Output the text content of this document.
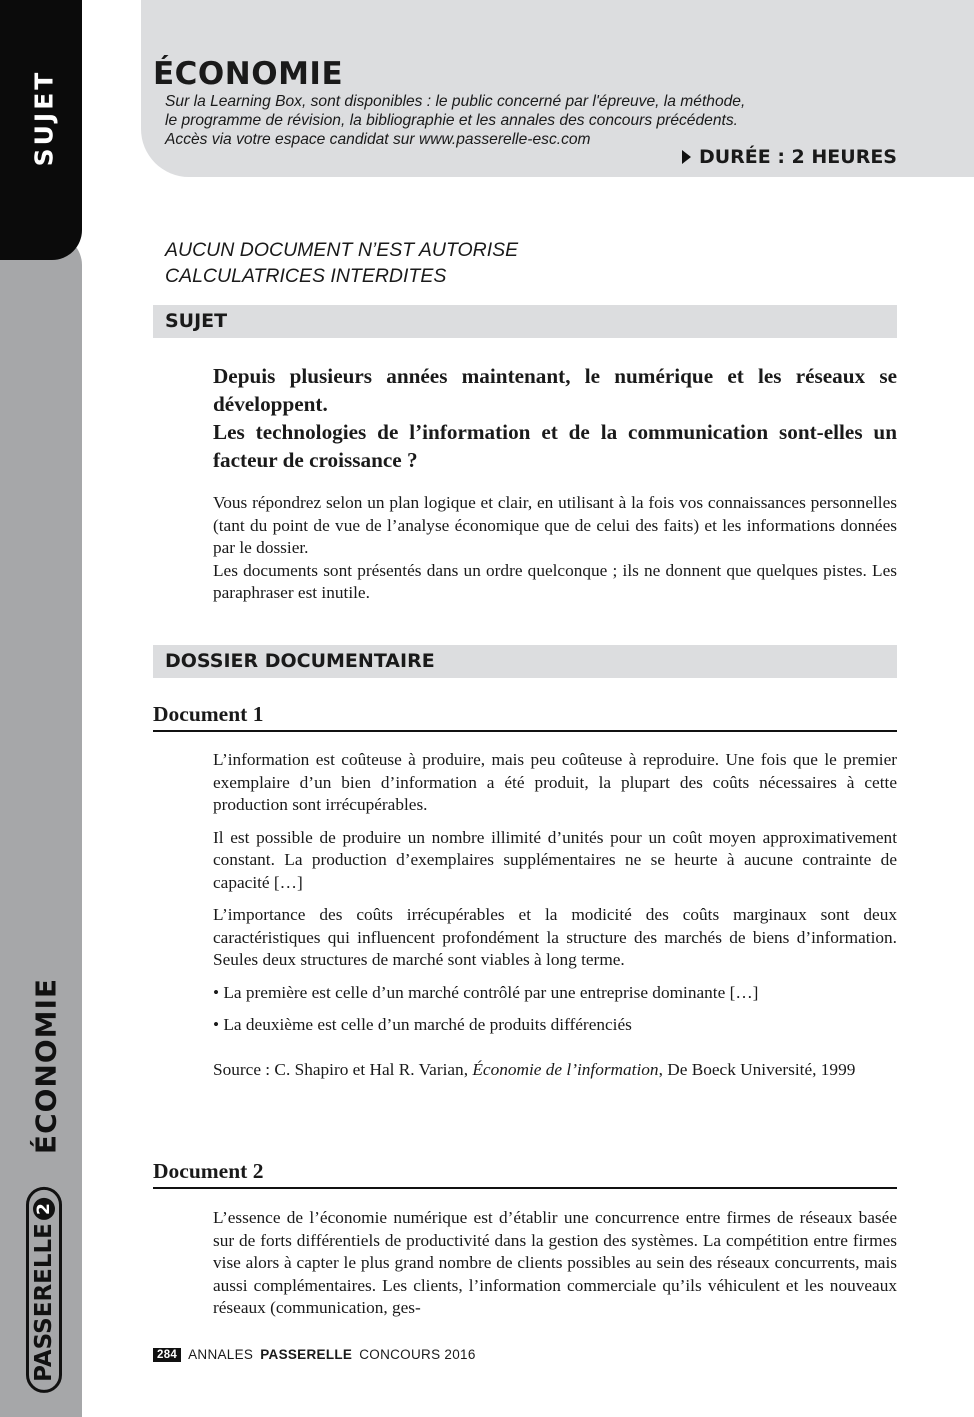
SUJET
ÉCONOMIE
PASSERELLE
2
ÉCONOMIE

Sur la Learning Box, sont disponibles : le public concerné par l'épreuve, la méthode,

le programme de révision, la bibliographie et les annales des concours précédents.

Accès via votre espace candidat sur www.passerelle-esc.com

DURÉE : 2 HEURES

AUCUN DOCUMENT N’EST AUTORISE

CALCULATRICES INTERDITES

SUJET

Depuis plusieurs années maintenant, le numérique et les réseaux se développent.

Les technologies de l’information et de la communication sont-elles un facteur de croissance ?

Vous répondrez selon un plan logique et clair, en utilisant à la fois vos connaissances personnelles (tant du point de vue de l’analyse économique que de celui des faits) et les informations données par le dossier.

Les documents sont présentés dans un ordre quelconque ; ils ne donnent que quelques pistes. Les paraphraser est inutile.

DOSSIER DOCUMENTAIRE
Document 1

L’information est coûteuse à produire, mais peu coûteuse à reproduire. Une fois que le premier exemplaire d’un bien d’information a été produit, la plupart des coûts nécessaires à cette production sont irrécupérables.

Il est possible de produire un nombre illimité d’unités pour un coût moyen approximativement constant. La production d’exemplaires supplémentaires ne se heurte à aucune contrainte de capacité […]

L’importance des coûts irrécupérables et la modicité des coûts marginaux sont deux caractéristiques qui influencent profondément la structure des marchés de biens d’information. Seules deux structures de marché sont viables à long terme.

• La première est celle d’un marché contrôlé par une entreprise dominante […]

• La deuxième est celle d’un marché de produits différenciés

Source : C. Shapiro et Hal R. Varian, Économie de l’information, De Boeck Université, 1999

Document 2

L’essence de l’économie numérique est d’établir une concurrence entre firmes de réseaux basée sur de forts différentiels de productivité dans la gestion des systèmes. La compétition entre firmes vise alors à capter le plus grand nombre de clients possibles au sein des réseaux concurrents, mais aussi complémentaires. Les clients, l’information commerciale qu’ils véhiculent et les nouveaux réseaux (communication, ges-

284 ANNALES PASSERELLE CONCOURS 2016
